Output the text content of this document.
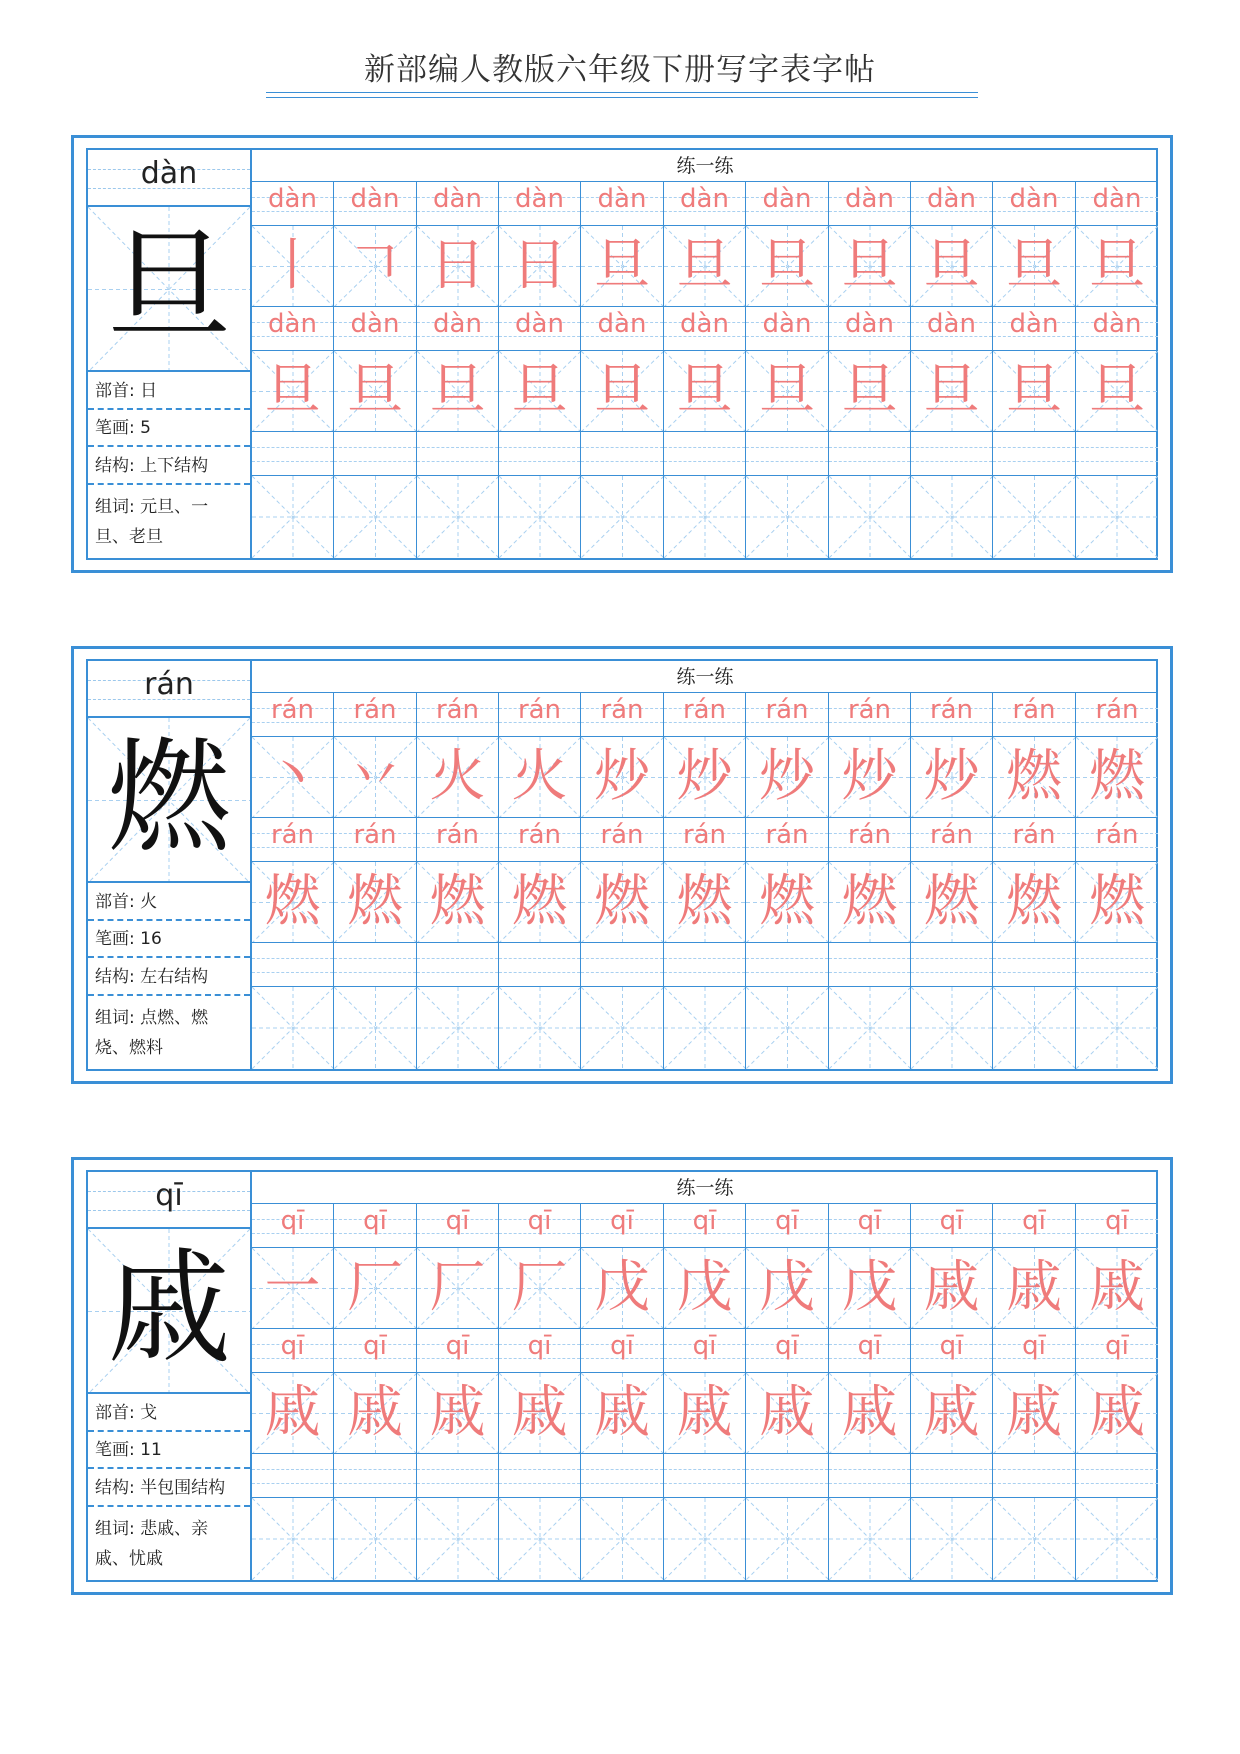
新部编人教版六年级下册写字表字帖
dàn
旦
部首: 日
笔画: 5
结构: 上下结构
组词: 元旦、一旦、老旦
练一练
dàn	dàn	dàn	dàn	dàn	dàn	dàn	dàn	dàn	dàn	dàn
丨 𠃍 日 日 旦 旦 旦 旦 旦 旦 旦
dàn	dàn	dàn	dàn	dàn	dàn	dàn	dàn	dàn	dàn	dàn
旦 旦 旦 旦 旦 旦 旦 旦 旦 旦 旦
rán
燃
部首: 火
笔画: 16
结构: 左右结构
组词: 点燃、燃烧、燃料
练一练
rán	rán	rán	rán	rán	rán	rán	rán	rán	rán	rán
丶 丷 火 火 炒 炒 炒 炒 炒 燃 燃
rán	rán	rán	rán	rán	rán	rán	rán	rán	rán	rán
燃 燃 燃 燃 燃 燃 燃 燃 燃 燃 燃
qī
戚
部首: 戈
笔画: 11
结构: 半包围结构
组词: 悲戚、亲戚、忧戚
练一练
qī	qī	qī	qī	qī	qī	qī	qī	qī	qī	qī
一 厂 厂 厂 戊 戊 戊 戊 戚 戚 戚
qī	qī	qī	qī	qī	qī	qī	qī	qī	qī	qī
戚 戚 戚 戚 戚 戚 戚 戚 戚 戚 戚
